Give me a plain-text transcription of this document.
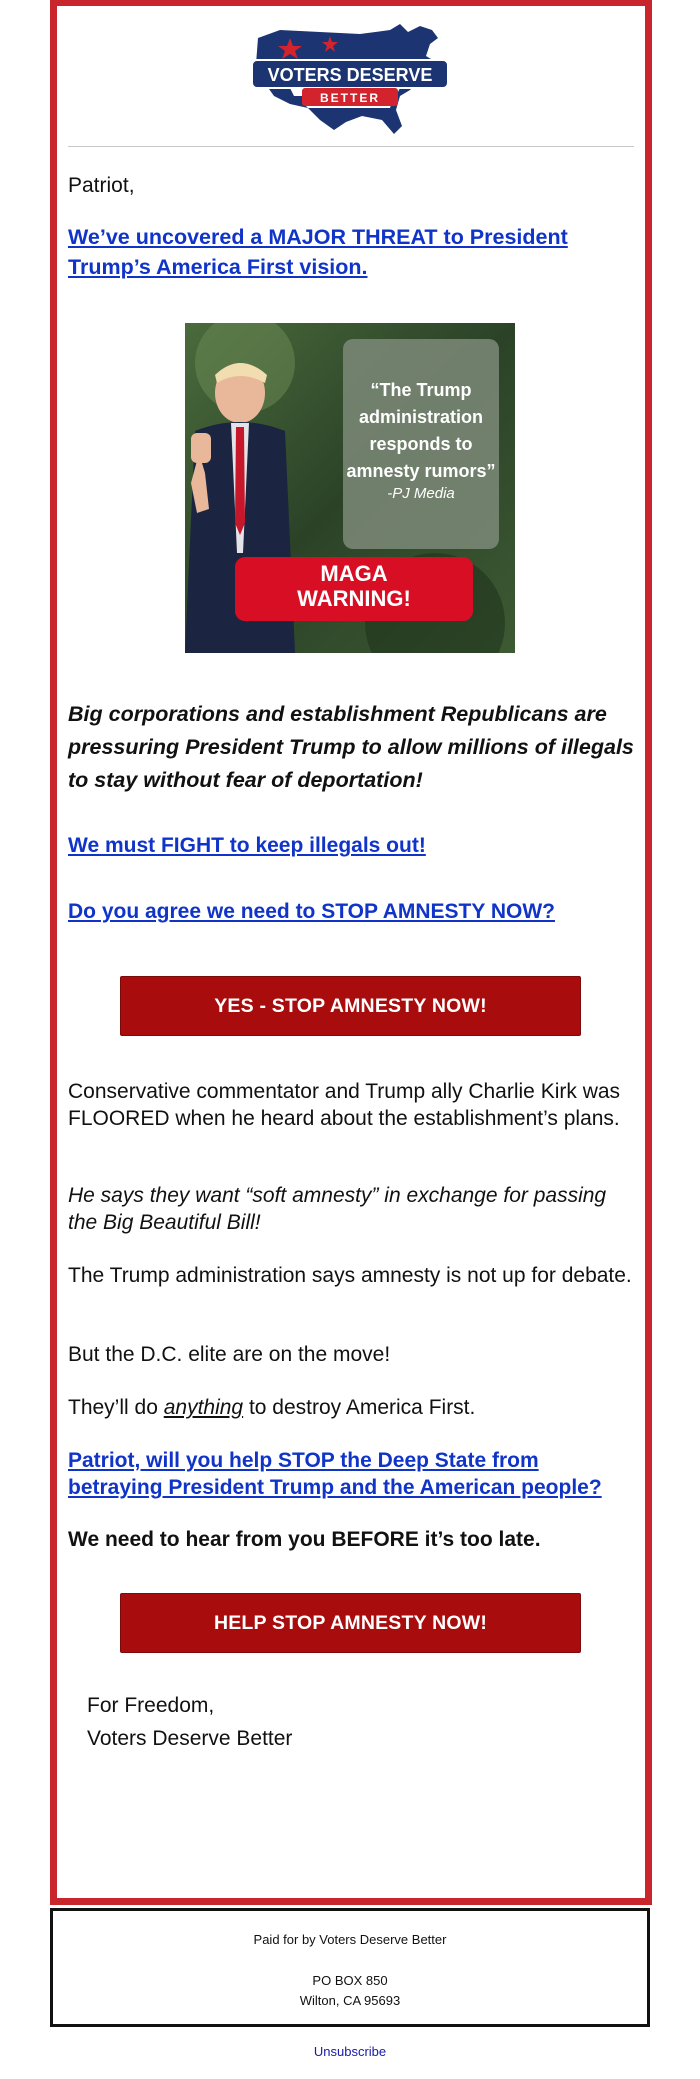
VOTERS DESERVE
BETTER
Patriot,
We’ve uncovered a MAJOR THREAT to President Trump’s America First vision.
“The Trump administration responds to amnesty rumors”
-PJ Media
MAGA
WARNING!
Big corporations and establishment Republicans are pressuring President Trump to allow millions of illegals to stay without fear of deportation!
We must FIGHT to keep illegals out!
Do you agree we need to STOP AMNESTY NOW?
YES - STOP AMNESTY NOW!
Conservative commentator and Trump ally Charlie Kirk was FLOORED when he heard about the establishment’s plans.
He says they want “soft amnesty” in exchange for passing the Big Beautiful Bill!
The Trump administration says amnesty is not up for debate.
But the D.C. elite are on the move!
They’ll do anything to destroy America First.
Patriot, will you help STOP the Deep State from betraying President Trump and the American people?
We need to hear from you BEFORE it’s too late.
HELP STOP AMNESTY NOW!
For Freedom,
Voters Deserve Better
Paid for by Voters Deserve Better
PO BOX 850
Wilton, CA 95693
Unsubscribe
